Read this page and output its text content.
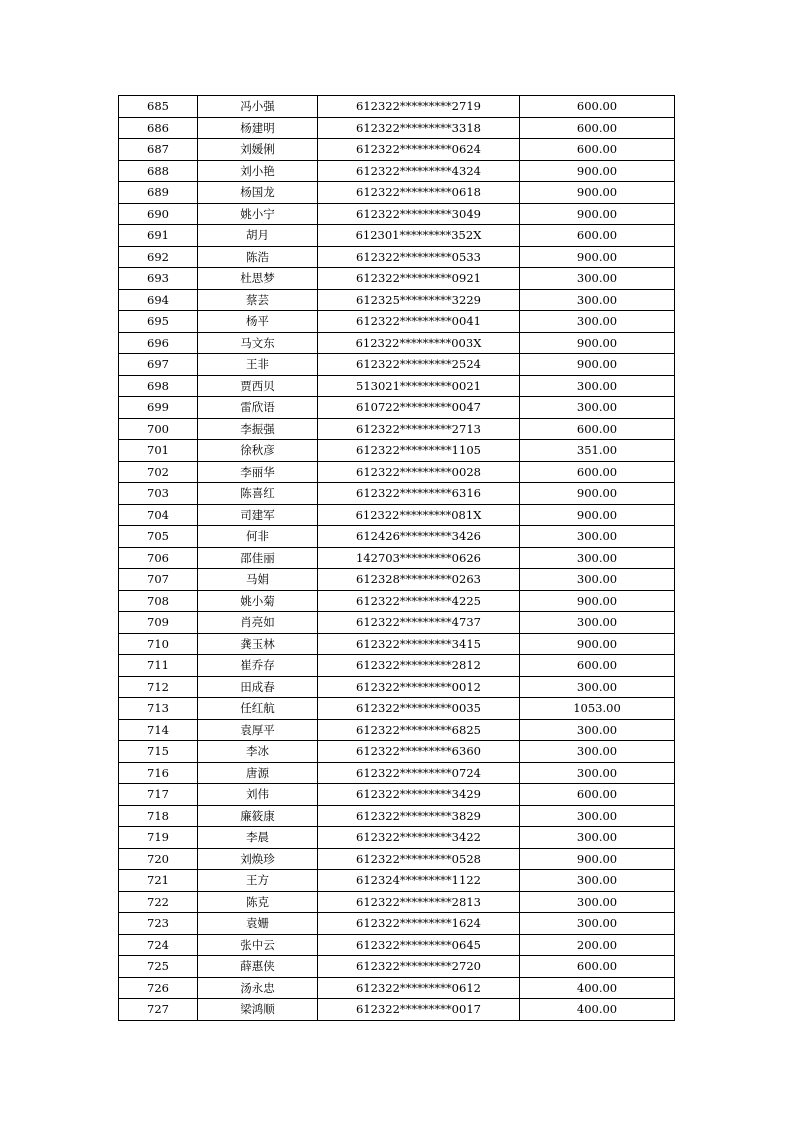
685	冯小强	612322*********2719	600.00
686	杨建明	612322*********3318	600.00
687	刘媛俐	612322*********0624	600.00
688	刘小艳	612322*********4324	900.00
689	杨国龙	612322*********0618	900.00
690	姚小宁	612322*********3049	900.00
691	胡月	612301*********352X	600.00
692	陈浩	612322*********0533	900.00
693	杜思梦	612322*********0921	300.00
694	蔡芸	612325*********3229	300.00
695	杨平	612322*********0041	300.00
696	马文东	612322*********003X	900.00
697	王非	612322*********2524	900.00
698	贾西贝	513021*********0021	300.00
699	雷欣语	610722*********0047	300.00
700	李振强	612322*********2713	600.00
701	徐秋彦	612322*********1105	351.00
702	李丽华	612322*********0028	600.00
703	陈喜红	612322*********6316	900.00
704	司建军	612322*********081X	900.00
705	何非	612426*********3426	300.00
706	邵佳丽	142703*********0626	300.00
707	马娟	612328*********0263	300.00
708	姚小菊	612322*********4225	900.00
709	肖亮如	612322*********4737	300.00
710	龚玉林	612322*********3415	900.00
711	崔乔存	612322*********2812	600.00
712	田成春	612322*********0012	300.00
713	任红航	612322*********0035	1053.00
714	袁厚平	612322*********6825	300.00
715	李冰	612322*********6360	300.00
716	唐源	612322*********0724	300.00
717	刘伟	612322*********3429	600.00
718	廉筱康	612322*********3829	300.00
719	李晨	612322*********3422	300.00
720	刘焕珍	612322*********0528	900.00
721	王方	612324*********1122	300.00
722	陈克	612322*********2813	300.00
723	袁姗	612322*********1624	300.00
724	张中云	612322*********0645	200.00
725	薛惠侠	612322*********2720	600.00
726	汤永忠	612322*********0612	400.00
727	梁鸿顺	612322*********0017	400.00
